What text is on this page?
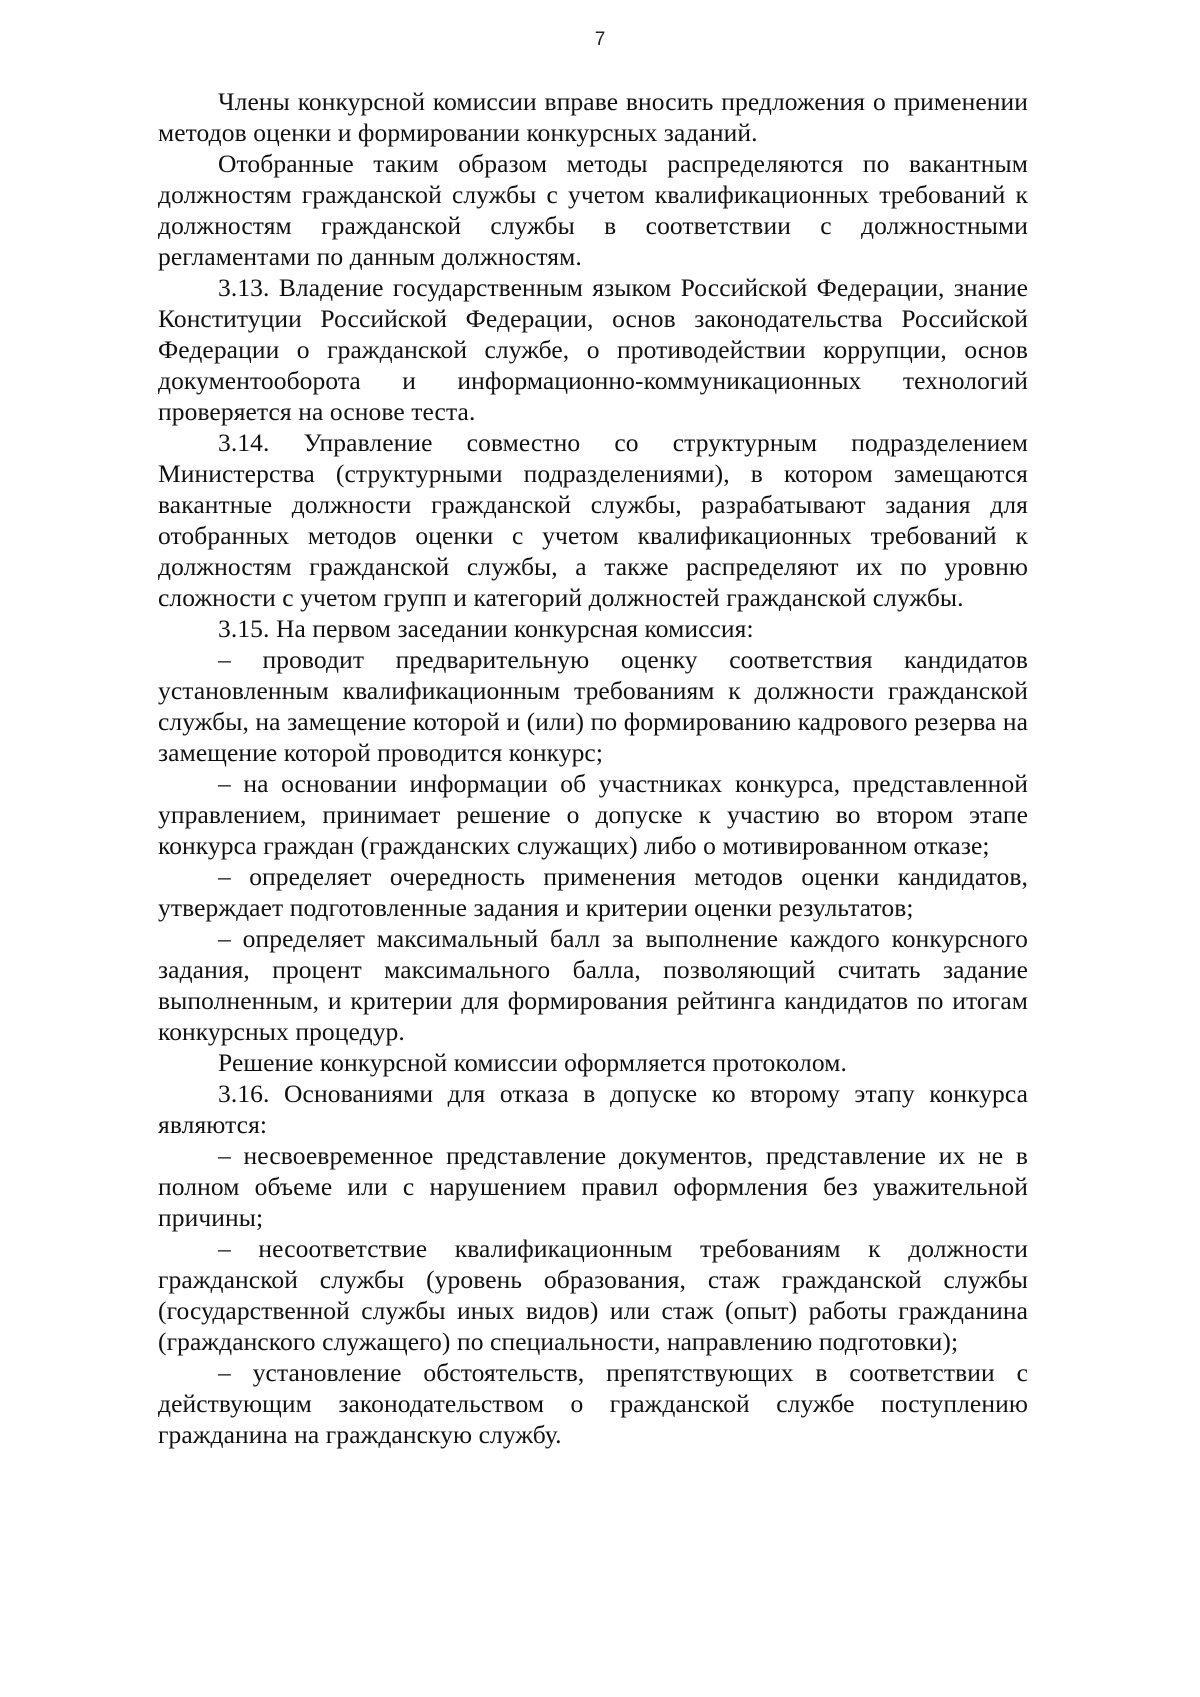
7

Члены конкурсной комиссии вправе вносить предложения о применении методов оценки и формировании конкурсных заданий.

Отобранные таким образом методы распределяются по вакантным должностям гражданской службы с учетом квалификационных требований к должностям гражданской службы в соответствии с должностными регламентами по данным должностям.

3.13. Владение государственным языком Российской Федерации, знание Конституции Российской Федерации, основ законодательства Российской Федерации о гражданской службе, о противодействии коррупции, основ документооборота и информационно-коммуникационных технологий проверяется на основе теста.

3.14. Управление совместно со структурным подразделением Министерства (структурными подразделениями), в котором замещаются вакантные должности гражданской службы, разрабатывают задания для отобранных методов оценки с учетом квалификационных требований к должностям гражданской службы, а также распределяют их по уровню сложности с учетом групп и категорий должностей гражданской службы.

3.15. На первом заседании конкурсная комиссия:

– проводит предварительную оценку соответствия кандидатов установленным квалификационным требованиям к должности гражданской службы, на замещение которой и (или) по формированию кадрового резерва на замещение которой проводится конкурс;

– на основании информации об участниках конкурса, представленной управлением, принимает решение о допуске к участию во втором этапе конкурса граждан (гражданских служащих) либо о мотивированном отказе;

– определяет очередность применения методов оценки кандидатов, утверждает подготовленные задания и критерии оценки результатов;

– определяет максимальный балл за выполнение каждого конкурсного задания, процент максимального балла, позволяющий считать задание выполненным, и критерии для формирования рейтинга кандидатов по итогам конкурсных процедур.

Решение конкурсной комиссии оформляется протоколом.

3.16. Основаниями для отказа в допуске ко второму этапу конкурса являются:

– несвоевременное представление документов, представление их не в полном объеме или с нарушением правил оформления без уважительной причины;

– несоответствие квалификационным требованиям к должности гражданской службы (уровень образования, стаж гражданской службы (государственной службы иных видов) или стаж (опыт) работы гражданина (гражданского служащего) по специальности, направлению подготовки);

– установление обстоятельств, препятствующих в соответствии с действующим законодательством о гражданской службе поступлению гражданина на гражданскую службу.
